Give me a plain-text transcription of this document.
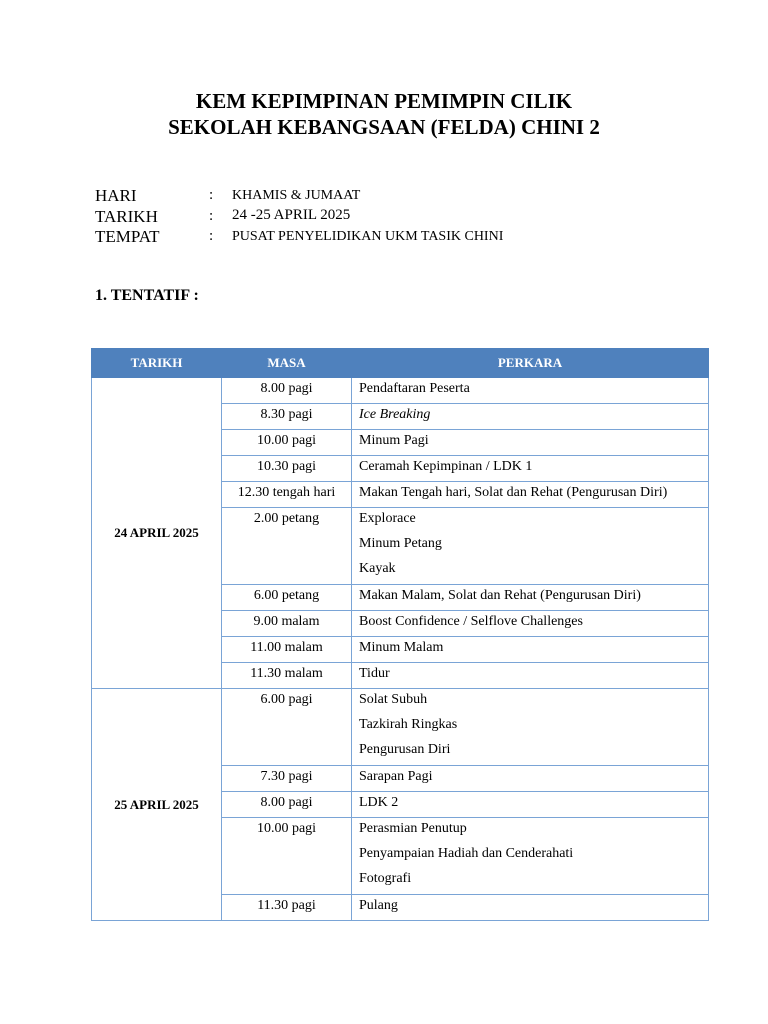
KEM KEPIMPINAN PEMIMPIN CILIK
SEKOLAH KEBANGSAAN (FELDA) CHINI 2
HARI	: KHAMIS & JUMAAT
TARIKH	: 24 -25 APRIL 2025
TEMPAT	: PUSAT PENYELIDIKAN UKM TASIK CHINI
1. TENTATIF :
TARIKH	MASA	PERKARA
24 APRIL 2025	8.00 pagi	Pendaftaran Peserta

	8.30 pagi	Ice Breaking

	10.00 pagi	Minum Pagi

	10.30 pagi	Ceramah Kepimpinan / LDK 1

	12.30 tengah hari	Makan Tengah hari, Solat dan Rehat (Pengurusan Diri)

	2.00 petang	Explorace
Minum Petang
Kayak

	6.00 petang	Makan Malam, Solat dan Rehat (Pengurusan Diri)

	9.00 malam	Boost Confidence / Selflove Challenges

	11.00 malam	Minum Malam

	11.30 malam	Tidur

25 APRIL 2025	6.00 pagi	Solat Subuh
Tazkirah Ringkas
Pengurusan Diri

	7.30 pagi	Sarapan Pagi

	8.00 pagi	LDK 2

	10.00 pagi	Perasmian Penutup
Penyampaian Hadiah dan Cenderahati
Fotografi

	11.30 pagi	Pulang
